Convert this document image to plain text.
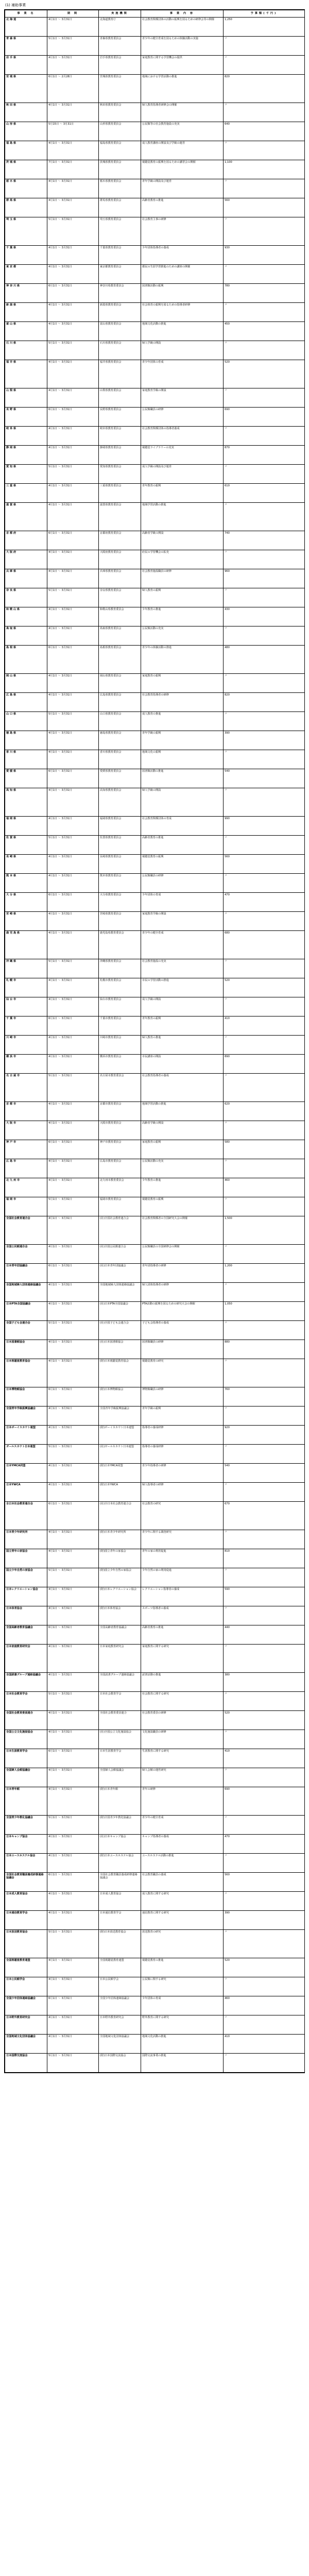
(1) 補助事業
事 業 名	期 間	実施機関	事 業 内 容	予算額(千円)
北 海 道	4月1日 〜 3月31日	北海道教育庁	社会教育関係団体の活動の振興を図るための研修会等の開催	1,250
青 森 県	5月1日 〜 3月31日	青森県教育委員会	青少年の健全育成を図るための体験活動の実施	〃
岩 手 県	4月1日 〜 3月31日	岩手県教育委員会	家庭教育に関する学習機会の提供	〃
宮 城 県	6月1日 〜 2月28日	宮城県教育委員会	地域における学習活動の推進	820
秋 田 県	4月1日 〜 3月31日	秋田県教育委員会	婦人教育指導者研修会の開催	〃
山 形 県	5月15日 〜 3月31日	山形県教育委員会	公民館等の社会教育施設の充実	640
福 島 県	4月1日 〜 3月31日	福島県教育委員会	成人教育講座の開設及び学級の運営	〃
茨 城 県	7月1日 〜 3月31日	茨城県教育委員会	視聴覚教育の振興を図るための講習会の開催	1,100
栃 木 県	4月1日 〜 3月31日	栃木県教育委員会	青年学級の開設及び運営	〃
群 馬 県	4月1日 〜 3月31日	群馬県教育委員会	高齢者教育の推進	560
埼 玉 県	5月1日 〜 3月31日	埼玉県教育委員会	社会教育主事の研修	〃
千 葉 県	4月1日 〜 3月31日	千葉県教育委員会	少年団体指導者の養成	930
東 京 都	4月1日 〜 3月31日	東京都教育委員会	都民の生涯学習推進のための講座の開催	〃
神 奈 川 県	6月1日 〜 3月31日	神奈川県教育委員会	図書館活動の振興	780
新 潟 県	4月1日 〜 3月31日	新潟県教育委員会	社会体育の振興を図るための指導者研修	〃
富 山 県	4月1日 〜 3月31日	富山県教育委員会	地域文化活動の推進	450
石 川 県	5月1日 〜 3月31日	石川県教育委員会	婦人学級の開設	〃
福 井 県	4月1日 〜 3月31日	福井県教育委員会	青少年団体の育成	520
山 梨 県	4月1日 〜 3月31日	山梨県教育委員会	家庭教育学級の開設	〃
長 野 県	6月1日 〜 3月31日	長野県教育委員会	公民館職員の研修	690
岐 阜 県	4月1日 〜 3月31日	岐阜県教育委員会	社会教育関係団体の指導者養成	〃
静 岡 県	4月1日 〜 3月31日	静岡県教育委員会	視聴覚ライブラリーの充実	870
愛 知 県	5月1日 〜 3月31日	愛知県教育委員会	成人学級の開設及び運営	〃
三 重 県	4月1日 〜 3月31日	三重県教育委員会	青年教育の振興	610
滋 賀 県	4月1日 〜 3月31日	滋賀県教育委員会	地域学習活動の推進	〃
京 都 府	6月1日 〜 3月31日	京都府教育委員会	高齢者学級の開設	740
大 阪 府	4月1日 〜 3月31日	大阪府教育委員会	府民の学習機会の拡充	〃
兵 庫 県	4月1日 〜 3月31日	兵庫県教育委員会	社会教育施設職員の研修	960
奈 良 県	5月1日 〜 3月31日	奈良県教育委員会	婦人教育の振興	〃
和 歌 山 県	4月1日 〜 3月31日	和歌山県教育委員会	少年教育の推進	430
鳥 取 県	4月1日 〜 3月31日	鳥取県教育委員会	公民館活動の充実	〃
島 根 県	6月1日 〜 3月31日	島根県教育委員会	青少年の体験活動の推進	480
岡 山 県	4月1日 〜 3月31日	岡山県教育委員会	家庭教育の振興	〃
広 島 県	4月1日 〜 3月31日	広島県教育委員会	社会教育指導者の研修	820
山 口 県	5月1日 〜 3月31日	山口県教育委員会	成人教育の推進	〃
徳 島 県	4月1日 〜 3月31日	徳島県教育委員会	青年学級の振興	390
香 川 県	4月1日 〜 3月31日	香川県教育委員会	地域文化の振興	〃
愛 媛 県	6月1日 〜 3月31日	愛媛県教育委員会	図書館活動の推進	540
高 知 県	4月1日 〜 3月31日	高知県教育委員会	婦人学級の開設	〃
福 岡 県	4月1日 〜 3月31日	福岡県教育委員会	社会教育関係団体の育成	990
佐 賀 県	5月1日 〜 3月31日	佐賀県教育委員会	高齢者教育の推進	〃
長 崎 県	4月1日 〜 3月31日	長崎県教育委員会	視聴覚教育の振興	560
熊 本 県	4月1日 〜 3月31日	熊本県教育委員会	公民館職員の研修	〃
大 分 県	6月1日 〜 3月31日	大分県教育委員会	少年団体の育成	470
宮 崎 県	4月1日 〜 3月31日	宮崎県教育委員会	家庭教育学級の開設	〃
鹿 児 島 県	4月1日 〜 3月31日	鹿児島県教育委員会	青少年の健全育成	680
沖 縄 県	5月1日 〜 3月31日	沖縄県教育委員会	社会教育施設の充実	〃
札 幌 市	4月1日 〜 3月31日	札幌市教育委員会	市民の学習活動の推進	520
仙 台 市	4月1日 〜 3月31日	仙台市教育委員会	成人学級の開設	〃
千 葉 市	6月1日 〜 3月31日	千葉市教育委員会	青年教育の振興	410
川 崎 市	4月1日 〜 3月31日	川崎市教育委員会	婦人教育の推進	〃
横 浜 市	4月1日 〜 3月31日	横浜市教育委員会	市民講座の開設	890
名 古 屋 市	5月1日 〜 3月31日	名古屋市教育委員会	社会教育指導者の養成	〃
京 都 市	4月1日 〜 3月31日	京都市教育委員会	地域学習活動の推進	620
大 阪 市	4月1日 〜 3月31日	大阪市教育委員会	高齢者学級の開設	〃
神 戸 市	6月1日 〜 3月31日	神戸市教育委員会	家庭教育の振興	580
広 島 市	4月1日 〜 3月31日	広島市教育委員会	公民館活動の充実	〃
北 九 州 市	4月1日 〜 3月31日	北九州市教育委員会	少年教育の推進	460
福 岡 市	5月1日 〜 3月31日	福岡市教育委員会	視聴覚教育の振興	〃
全国社会教育連合会	4月1日 〜 3月31日	(社)全国社会教育連合会	社会教育関係者の全国研究大会の開催	1,500
全国公民館連合会	4月1日 〜 3月31日	(社)全国公民館連合会	公民館職員の全国研修会の開催	〃
日本青年団協議会	6月1日 〜 3月31日	(社)日本青年団協議会	青年団指導者の研修	1,200
全国地域婦人団体連絡協議会	4月1日 〜 3月31日	全国地域婦人団体連絡協議会	婦人団体指導者の研修	〃
日本PTA全国協議会	4月1日 〜 3月31日	(社)日本PTA全国協議会	PTA活動の振興を図るための研究大会の開催	1,050
全国子ども会連合会	5月1日 〜 3月31日	(社)全国子ども会連合会	子ども会指導者の養成	〃
日本図書館協会	4月1日 〜 3月31日	(社)日本図書館協会	図書館職員の研修	880
日本視聴覚教育協会	4月1日 〜 3月31日	(財)日本視聴覚教育協会	視聴覚教育の研究	〃
日本博物館協会	6月1日 〜 3月31日	(財)日本博物館協会	博物館職員の研修	760
全国青年学級振興協議会	4月1日 〜 3月31日	全国青年学級振興協議会	青年学級の振興	〃
日本ボーイスカウト連盟	4月1日 〜 3月31日	(財)ボーイスカウト日本連盟	指導者の養成研修	920
ガールスカウト日本連盟	5月1日 〜 3月31日	(社)ガールスカウト日本連盟	指導者の養成研修	〃
日本YMCA同盟	4月1日 〜 3月31日	(財)日本YMCA同盟	青少年指導者の研修	540
日本YWCA	4月1日 〜 3月31日	(財)日本YWCA	婦人指導者の研修	〃
全日本社会教育連合会	6月1日 〜 3月31日	(社)全日本社会教育連合会	社会教育の研究	670
日本青少年研究所	4月1日 〜 3月31日	(財)日本青少年研究所	青少年に関する調査研究	〃
国立青年の家協会	4月1日 〜 3月31日	(財)国立青年の家協会	青年の家の利用促進	810
国立少年自然の家協会	5月1日 〜 3月31日	(財)国立少年自然の家協会	少年自然の家の利用促進	〃
日本レクリエーション協会	4月1日 〜 3月31日	(財)日本レクリエーション協会	レクリエーション指導者の養成	590
日本体育協会	4月1日 〜 3月31日	(財)日本体育協会	スポーツ指導者の養成	〃
全国高齢者教育協議会	6月1日 〜 3月31日	全国高齢者教育協議会	高齢者教育の推進	440
日本家庭教育研究会	4月1日 〜 3月31日	日本家庭教育研究会	家庭教育に関する研究	〃
全国読書グループ連絡協議会	4月1日 〜 3月31日	全国読書グループ連絡協議会	読書活動の推進	380
日本社会教育学会	5月1日 〜 3月31日	日本社会教育学会	社会教育に関する研究	〃
全国社会教育委員連合	4月1日 〜 3月31日	全国社会教育委員連合	社会教育委員の研修	520
全国公立文化施設協会	4月1日 〜 3月31日	(社)全国公立文化施設協会	文化施設職員の研修	〃
日本生涯教育学会	6月1日 〜 3月31日	日本生涯教育学会	生涯教育に関する研究	410
全国婦人会館協議会	4月1日 〜 3月31日	全国婦人会館協議会	婦人会館の運営研究	〃
日本青年館	4月1日 〜 3月31日	(財)日本青年館	青年の研修	690
全国青少年教化協議会	5月1日 〜 3月31日	(財)全国青少年教化協議会	青少年の健全育成	〃
日本キャンプ協会	4月1日 〜 3月31日	(社)日本キャンプ協会	キャンプ指導者の養成	470
日本ユースホステル協会	4月1日 〜 3月31日	(財)日本ユースホステル協会	ユースホステル活動の推進	〃
全国社会教育職員養成研修連絡協議会	6月1日 〜 3月31日	全国社会教育職員養成研修連絡協議会	社会教育職員の養成	560
日本成人教育協会	4月1日 〜 3月31日	日本成人教育協会	成人教育に関する研究	〃
日本通信教育学会	4月1日 〜 3月31日	日本通信教育学会	通信教育に関する研究	390
日本放送教育協会	5月1日 〜 3月31日	(財)日本放送教育協会	放送教育の研究	〃
全国視聴覚教育連盟	4月1日 〜 3月31日	全国視聴覚教育連盟	視聴覚教育の推進	520
日本公民館学会	4月1日 〜 3月31日	日本公民館学会	公民館に関する研究	〃
全国少年団体連絡協議会	6月1日 〜 3月31日	全国少年団体連絡協議会	少年団体の育成	460
日本野外教育研究会	4月1日 〜 3月31日	日本野外教育研究会	野外教育に関する研究	〃
全国地域文化団体協議会	4月1日 〜 3月31日	全国地域文化団体協議会	地域文化活動の推進	410
日本国際交流協会	5月1日 〜 3月31日	(財)日本国際交流協会	国際交流事業の推進	〃
